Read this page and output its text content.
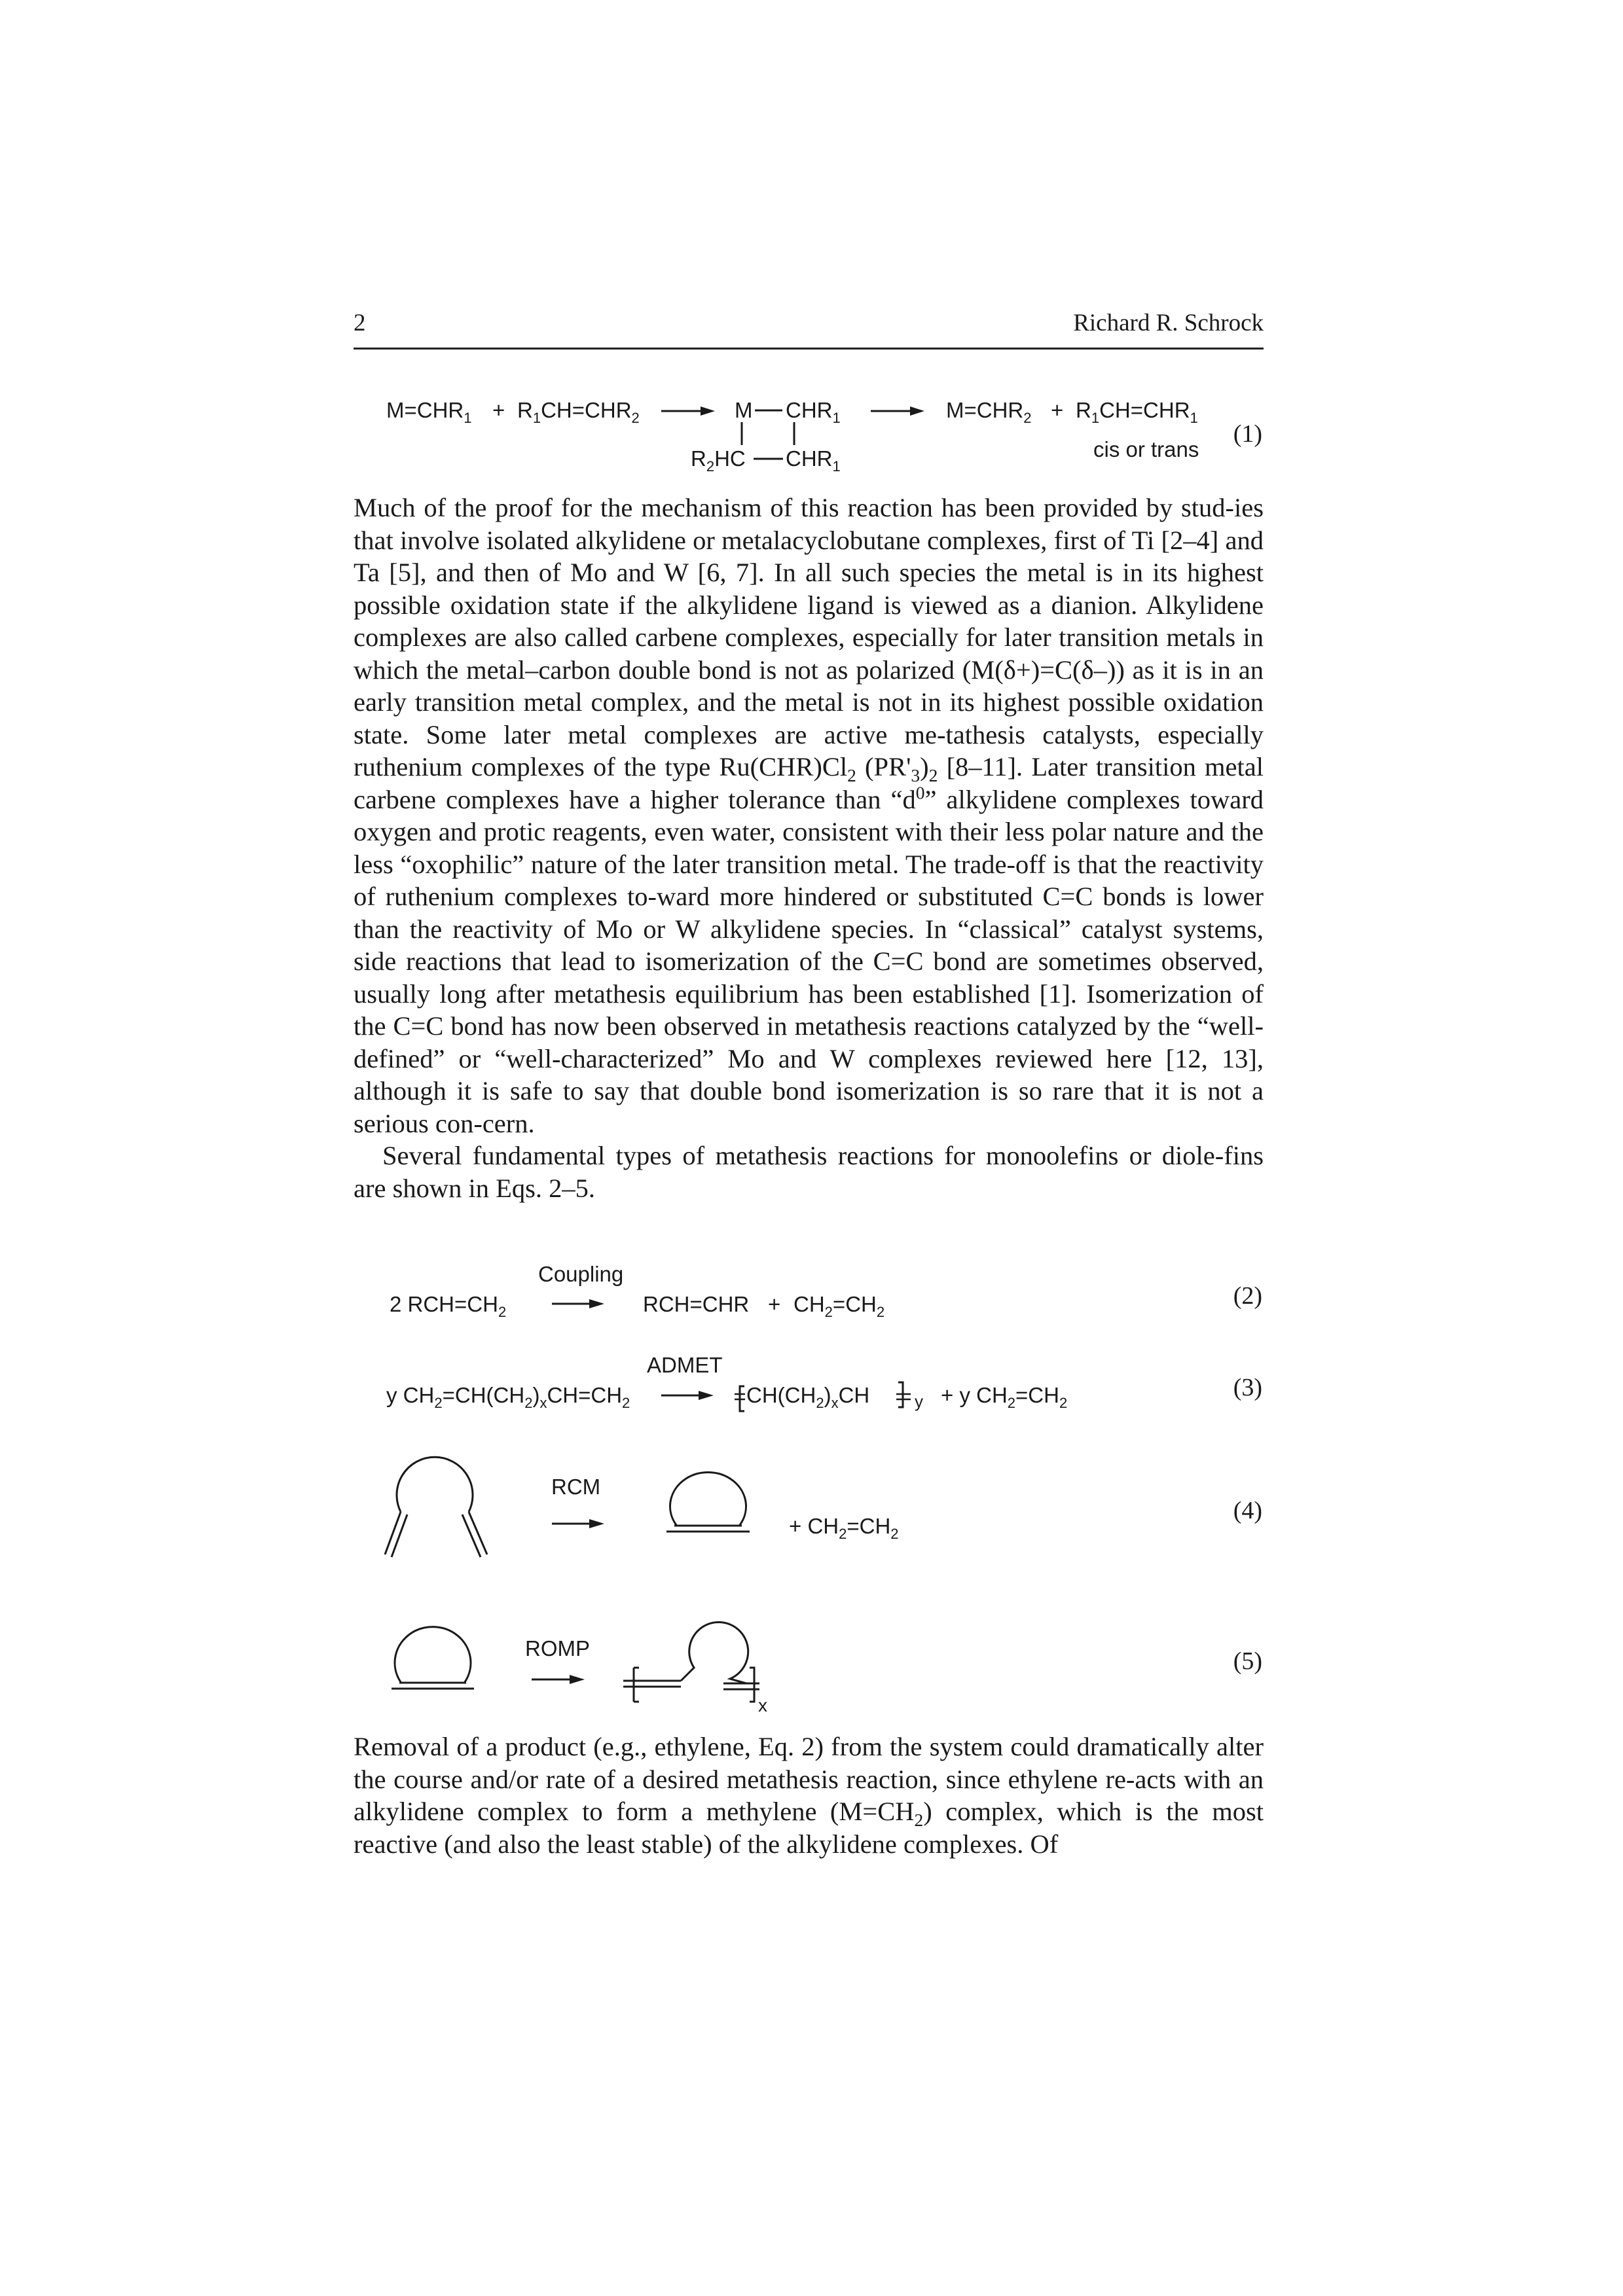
2	Richard R. Schrock
$M=CHR_1 + R_1CH=CHR_2$	M $CHR_1$
$R_2HC$ $CHR_1$
$M=CHR_2 + R_1CH=CHR_1$
cis or trans
(1)

Much of the proof for the mechanism of this reaction has been provided by stud-ies that involve isolated alkylidene or metalacyclobutane complexes, first of Ti [2–4] and Ta [5], and then of Mo and W [6, 7]. In all such species the metal is in its highest possible oxidation state if the alkylidene ligand is viewed as a dianion. Alkylidene complexes are also called carbene complexes, especially for later transition metals in which the metal–carbon double bond is not as polarized (M(δ+)=C(δ–)) as it is in an early transition metal complex, and the metal is not in its highest possible oxidation state. Some later metal complexes are active me-tathesis catalysts, especially ruthenium complexes of the type $Ru(CHR)Cl_2$ $(PR'_3)_2$ [8–11]. Later transition metal carbene complexes have a higher tolerance than “$d^0$” alkylidene complexes toward oxygen and protic reagents, even water, consistent with their less polar nature and the less “oxophilic” nature of the later transition metal. The trade-off is that the reactivity of ruthenium complexes to-ward more hindered or substituted C=C bonds is lower than the reactivity of Mo or W alkylidene species. In “classical” catalyst systems, side reactions that lead to isomerization of the C=C bond are sometimes observed, usually long after metathesis equilibrium has been established [1]. Isomerization of the C=C bond has now been observed in metathesis reactions catalyzed by the “well-defined” or “well-characterized” Mo and W complexes reviewed here [12, 13], although it is safe to say that double bond isomerization is so rare that it is not a serious con-cern.

Several fundamental types of metathesis reactions for monoolefins or diole-fins are shown in Eqs. 2–5.

2 $RCH=CH_2$
Coupling
$RCH=CHR + CH_2=CH_2$
(2)
y $CH_2=CH(CH_2)_xCH=CH_2$
ADMET
$CH(CH_2)_xCH$	y + y $CH_2=CH_2$
(3)
RCM
+ $CH_2=CH_2$
(4)
ROMP
x
(5)

Removal of a product (e.g., ethylene, Eq. 2) from the system could dramatically alter the course and/or rate of a desired metathesis reaction, since ethylene re-acts with an alkylidene complex to form a methylene $(M=CH_2)$ complex, which is the most reactive (and also the least stable) of the alkylidene complexes. Of
